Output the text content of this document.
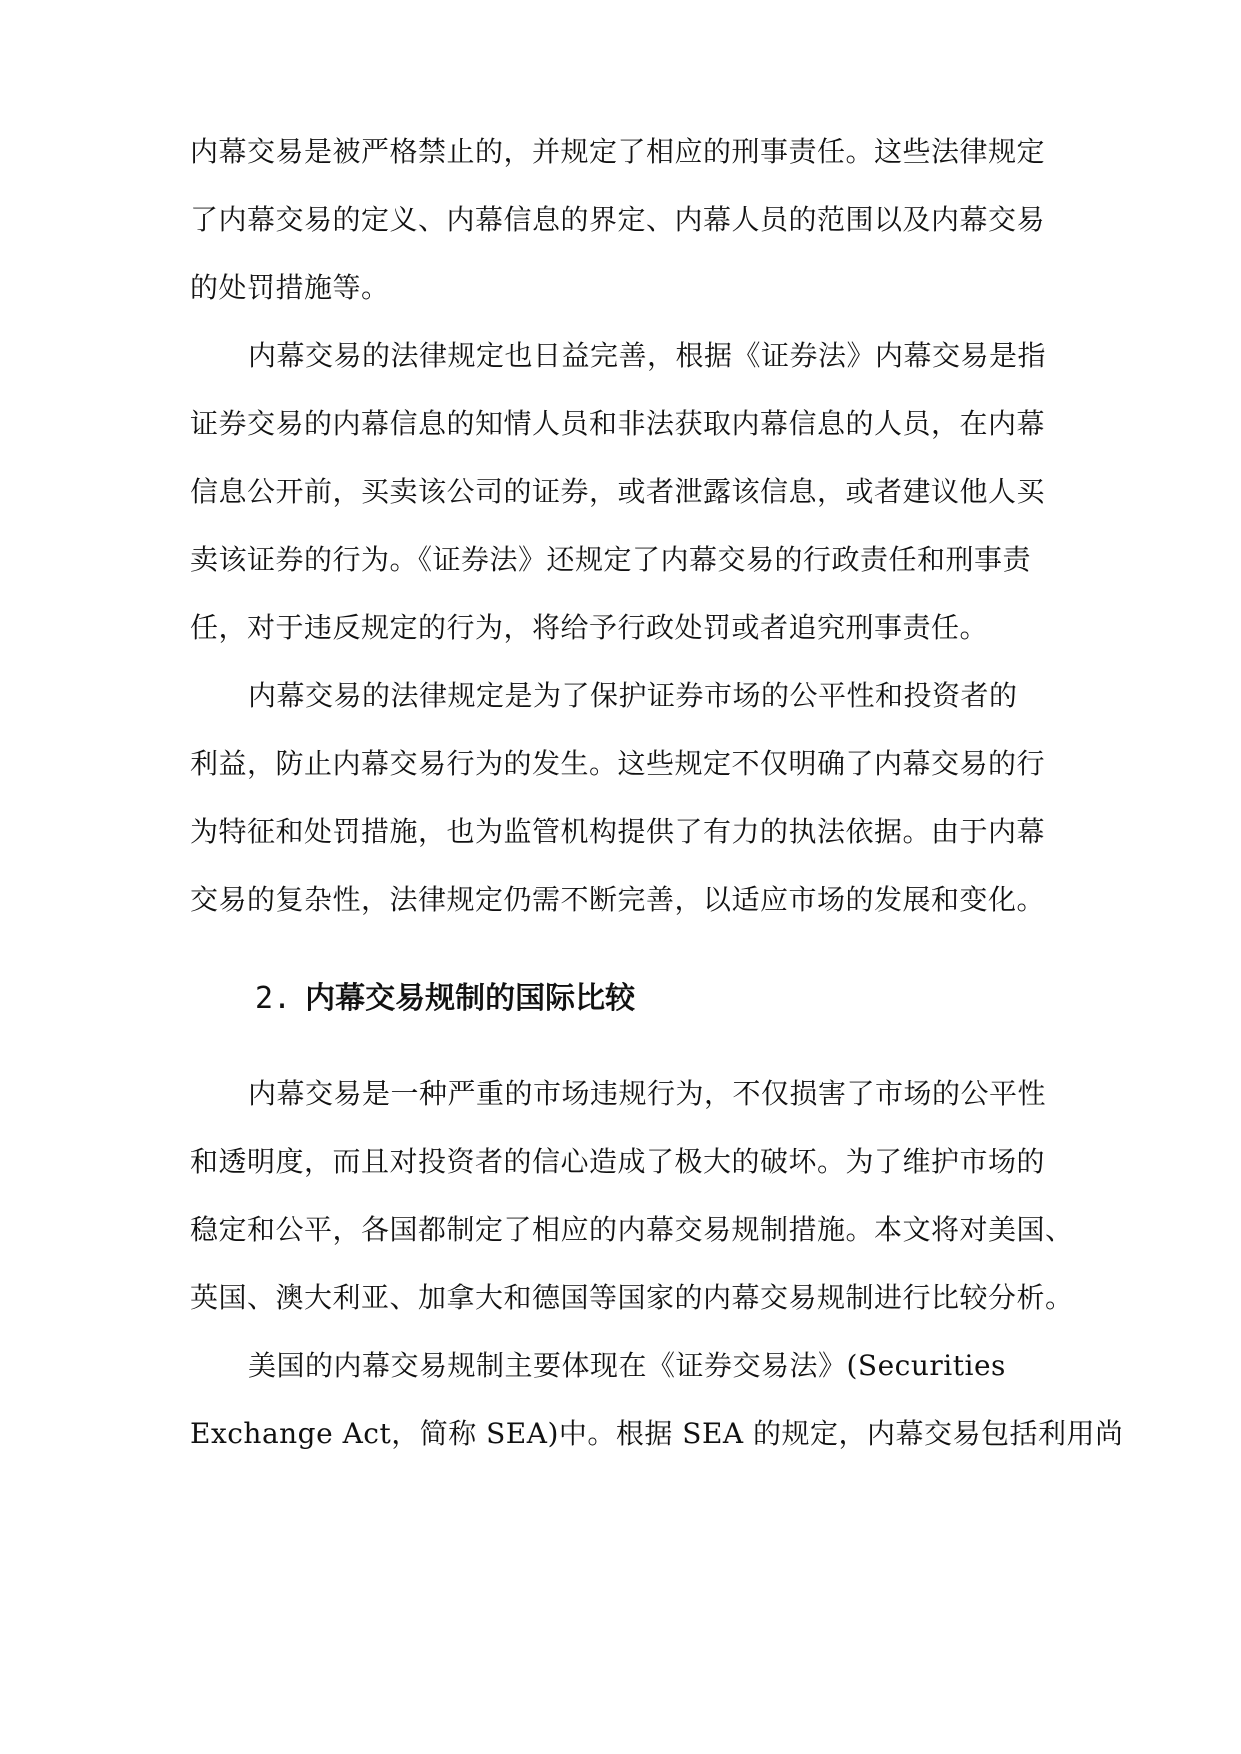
内幕交易是被严格禁止的，并规定了相应的刑事责任。这些法律规定
了内幕交易的定义、内幕信息的界定、内幕人员的范围以及内幕交易
的处罚措施等。
内幕交易的法律规定也日益完善，根据《证券法》内幕交易是指
证券交易的内幕信息的知情人员和非法获取内幕信息的人员，在内幕
信息公开前，买卖该公司的证券，或者泄露该信息，或者建议他人买
卖该证券的行为。《证券法》还规定了内幕交易的行政责任和刑事责
任，对于违反规定的行为，将给予行政处罚或者追究刑事责任。
内幕交易的法律规定是为了保护证券市场的公平性和投资者的
利益，防止内幕交易行为的发生。这些规定不仅明确了内幕交易的行
为特征和处罚措施，也为监管机构提供了有力的执法依据。由于内幕
交易的复杂性，法律规定仍需不断完善，以适应市场的发展和变化。
2. 内幕交易规制的国际比较
内幕交易是一种严重的市场违规行为，不仅损害了市场的公平性
和透明度，而且对投资者的信心造成了极大的破坏。为了维护市场的
稳定和公平，各国都制定了相应的内幕交易规制措施。本文将对美国、
英国、澳大利亚、加拿大和德国等国家的内幕交易规制进行比较分析。
美国的内幕交易规制主要体现在《证券交易法》(Securities
Exchange Act，简称 SEA)中。根据 SEA 的规定，内幕交易包括利用尚
